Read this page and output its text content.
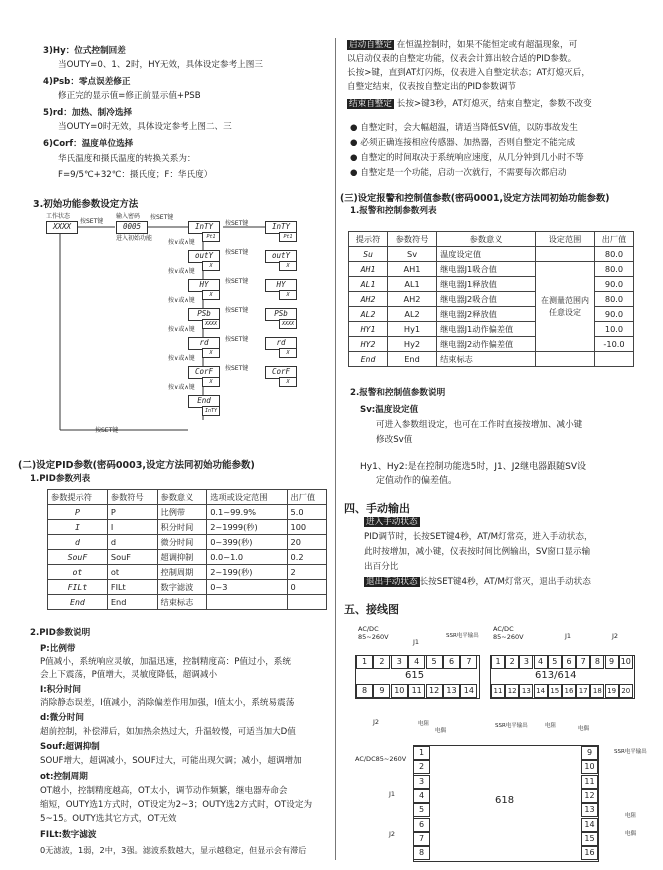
3)Hy：位式控制回差
当OUTY=0、1、2时，HY无效，具体设定参考上图三
4)Psb：零点误差修正
修正完的显示值=修正前显示值+PSB
5)rd：加热、制冷选择
当OUTY=0时无效，具体设定参考上图二、三
6)Corf：温度单位选择
华氏温度和摄氏温度的转换关系为：
F=9/5℃+32℃：摄氏度；F：华氏度）
3.初始功能参数设定方法
工作状态
XXXX
按SET键
输入密码
0005
按SET键
进入初始功能
InTY
Pt1
按SET键	InTY
Pt1
按∨或∧键
outY
X
按SET键	outY
X
按∨或∧键
HY
X
按SET键	HY
X
按∨或∧键
PSb
XXXX
按SET键	PSb
XXXX
按∨或∧键
rd
X
按SET键	rd
X
按∨或∧键
CorF
X
按SET键	CorF
X
按∨或∧键
End
InTY
按SET键
(二)设定PID参数(密码0003,设定方法同初始功能参数)
1.PID参数列表
参数提示符	参数符号	参数意义	选项或设定范围	出厂值
P	P	比例带	0.1~99.9%	5.0
I	I	积分时间	2~1999(秒)	100
d	d	微分时间	0~399(秒)	20
SouF	SouF	超调抑制	0.0~1.0	0.2
ot	ot	控制周期	2~199(秒)	2
FILt	FILt	数字滤波	0~3	0
End	End	结束标志		
2.PID参数说明
P:比例带
P值减小，系统响应灵敏，加温迅速，控制精度高：P值过小，系统
会上下震荡，P值增大，灵敏度降低，超调减小
I:积分时间
消除静态误差，I值减小，消除偏差作用加强，I值太小，系统易震荡
d:微分时间
超前控制，补偿滞后，如加热余热过大，升温较慢，可适当加大D值
Souf:超调抑制
SOUF增大，超调减小，SOUF过大，可能出现欠调；减小，超调增加
ot:控制周期
OT越小，控制精度越高，OT太小，调节动作频繁，继电器寿命会
缩短，OUTY选1方式时，OT设定为2~3；OUTY选2方式时，OT设定为
5~15。OUTY选其它方式，OT无效
FILt:数字滤波
0无滤波，1弱，2中，3强。滤波系数越大，显示越稳定，但显示会有滞后
启动自整定 在恒温控制时，如果不能恒定或有超温现象，可
以启动仪表的自整定功能，仪表会计算出较合适的PID参数。
长按>键，直到AT灯闪烁，仪表进入自整定状态；AT灯熄灭后，
自整定结束，仪表按自整定出的PID参数调节
结束自整定 长按>键3秒，AT灯熄灭，结束自整定，参数不改变
● 自整定时，会大幅超温，请适当降低SV值，以防事故发生
● 必须正确连接相应传感器、加热器，否则自整定不能完成
● 自整定的时间取决于系统响应速度，从几分钟到几小时不等
● 自整定是一个功能，启动一次就行，不需要每次都启动
(三)设定报警和控制值参数(密码0001,设定方法同初始功能参数)
1.报警和控制参数列表
提示符	参数符号	参数意义	设定范围	出厂值
Su	Sv	温度设定值		80.0
AH1	AH1	继电器J1吸合值	在测量范围内任意设定	80.0
AL1	AL1	继电器J1释放值		90.0
AH2	AH2	继电器J2吸合值		80.0
AL2	AL2	继电器J2释放值		90.0
HY1	Hy1	继电器J1动作偏差值		10.0
HY2	Hy2	继电器J2动作偏差值		-10.0
End	End	结束标志		
2.报警和控制值参数说明
Sv:温度设定值
可进入参数组设定，也可在工作时直接按增加、减小键
修改Sv值
Hy1、Hy2:是在控制功能选5时，J1、J2继电器跟随SV设
定值动作的偏差值。
四、手动输出
进入手动状态
PID调节时，长按SET键4秒，AT/M灯常亮，进入手动状态，
此时按增加，减小键，仪表按时间比例输出，SV窗口显示输
出百分比
退出手动状态 长按SET键4秒，AT/M灯常灭，退出手动状态
五、接线图
AC/DC
85~260V
J1
SSR电平输出
615
1	2	3	4	5	6	7
8	9	10 11 12 13 14
J2	电阻
电偶
AC/DC
85~260V	J1	J2
613/614
1	2	3	4	5	6	7	8	9 10
11 12 13 14 15 16 17 18 19 20
SSR电平输出	电阻	电偶
AC/DC85~260V
618
1
2
3
4
5
6
7
8
9
10
11
12
13
14
15
16
J1
J2
SSR电平输出
电阻
电偶
